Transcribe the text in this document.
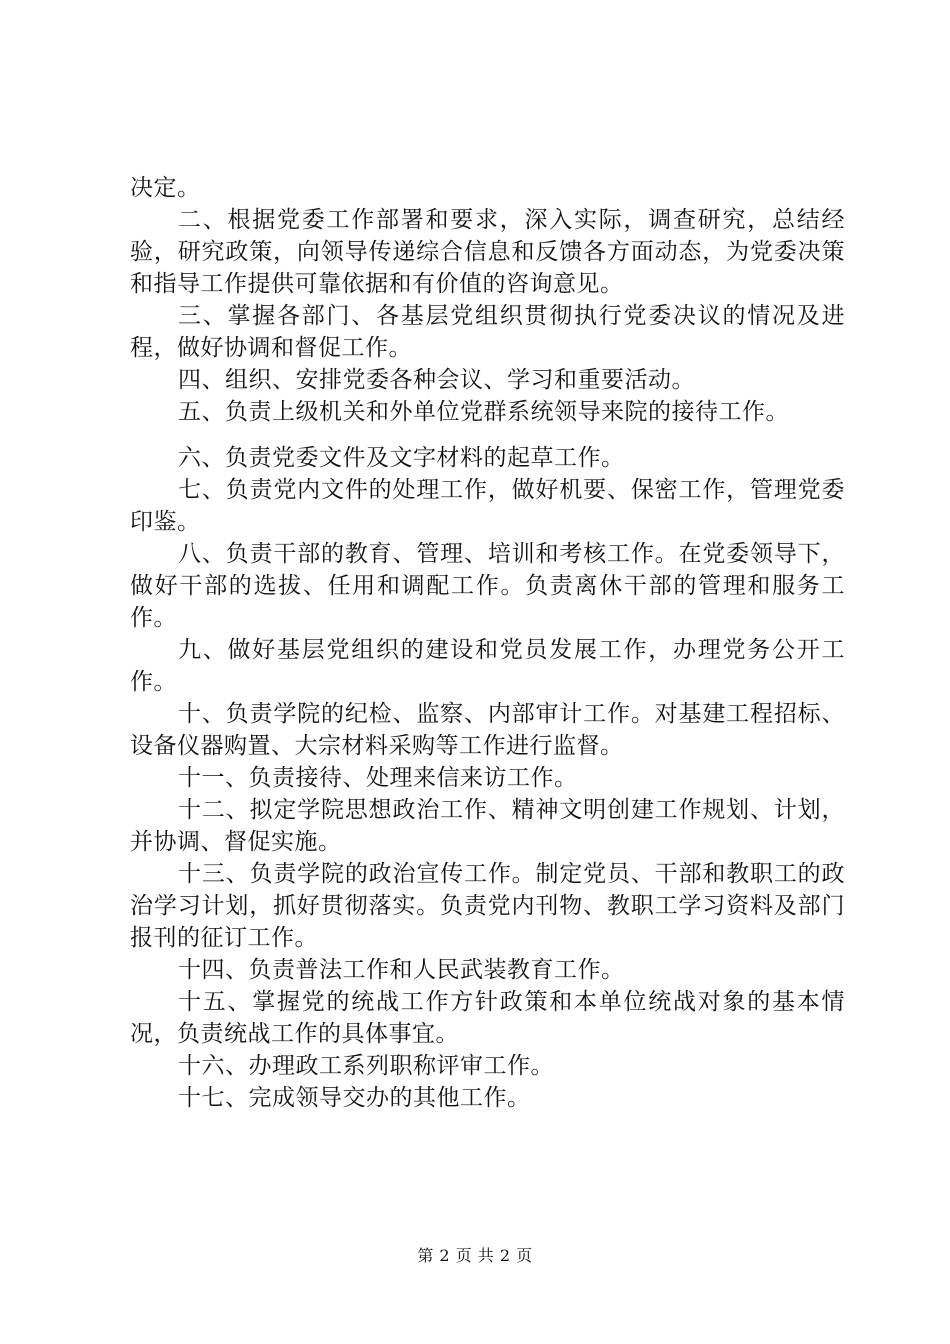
决定。

二、根据党委工作部署和要求，深入实际，调查研究，总结经验，研究政策，向领导传递综合信息和反馈各方面动态，为党委决策和指导工作提供可靠依据和有价值的咨询意见。

三、掌握各部门、各基层党组织贯彻执行党委决议的情况及进程，做好协调和督促工作。

四、组织、安排党委各种会议、学习和重要活动。

五、负责上级机关和外单位党群系统领导来院的接待工作。

六、负责党委文件及文字材料的起草工作。

七、负责党内文件的处理工作，做好机要、保密工作，管理党委印鉴。

八、负责干部的教育、管理、培训和考核工作。在党委领导下，做好干部的选拔、任用和调配工作。负责离休干部的管理和服务工作。

九、做好基层党组织的建设和党员发展工作，办理党务公开工作。

十、负责学院的纪检、监察、内部审计工作。对基建工程招标、设备仪器购置、大宗材料采购等工作进行监督。

十一、负责接待、处理来信来访工作。

十二、拟定学院思想政治工作、精神文明创建工作规划、计划，并协调、督促实施。

十三、负责学院的政治宣传工作。制定党员、干部和教职工的政治学习计划，抓好贯彻落实。负责党内刊物、教职工学习资料及部门报刊的征订工作。

十四、负责普法工作和人民武装教育工作。

十五、掌握党的统战工作方针政策和本单位统战对象的基本情况，负责统战工作的具体事宜。

十六、办理政工系列职称评审工作。

十七、完成领导交办的其他工作。

第 2 页 共 2 页
